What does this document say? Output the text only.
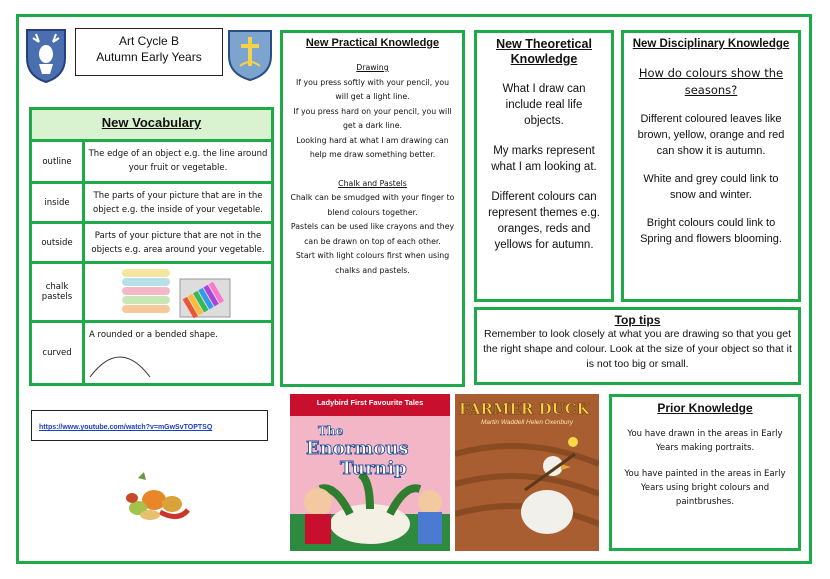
Art Cycle B
Autumn Early Years
New Vocabulary
outline
The edge of an object e.g. the line around your fruit or vegetable.
inside
The parts of your picture that are in the object e.g. the inside of your vegetable.
outside
Parts of your picture that are not in the objects e.g. area around your vegetable.
chalk pastels
curved
A rounded or a bended shape.
New Practical Knowledge
Drawing
If you press softly with your pencil, you will get a light line.
If you press hard on your pencil, you will get a dark line.
Looking hard at what I am drawing can help me draw something better.
Chalk and Pastels
Chalk can be smudged with your finger to blend colours together.
Pastels can be used like crayons and they can be drawn on top of each other.
Start with light colours first when using chalks and pastels.
New Theoretical Knowledge
What I draw can include real life objects.
My marks represent what I am looking at.
Different colours can represent themes e.g. oranges, reds and yellows for autumn.
New Disciplinary Knowledge
How do colours show the seasons?
Different coloured leaves like brown, yellow, orange and red can show it is autumn.
White and grey could link to snow and winter.
Bright colours could link to Spring and flowers blooming.
Top tips
Remember to look closely at what you are drawing so that you get the right shape and colour. Look at the size of your object so that it is not too big or small.
https://www.youtube.com/watch?v=mGwSvTOPTSQ
Ladybird First Favourite Tales
The
Enormous
Turnip
FARMER DUCK
Martin Waddell Helen Oxenbury
Prior Knowledge
You have drawn in the areas in Early Years making portraits.
You have painted in the areas in Early Years using bright colours and paintbrushes.
